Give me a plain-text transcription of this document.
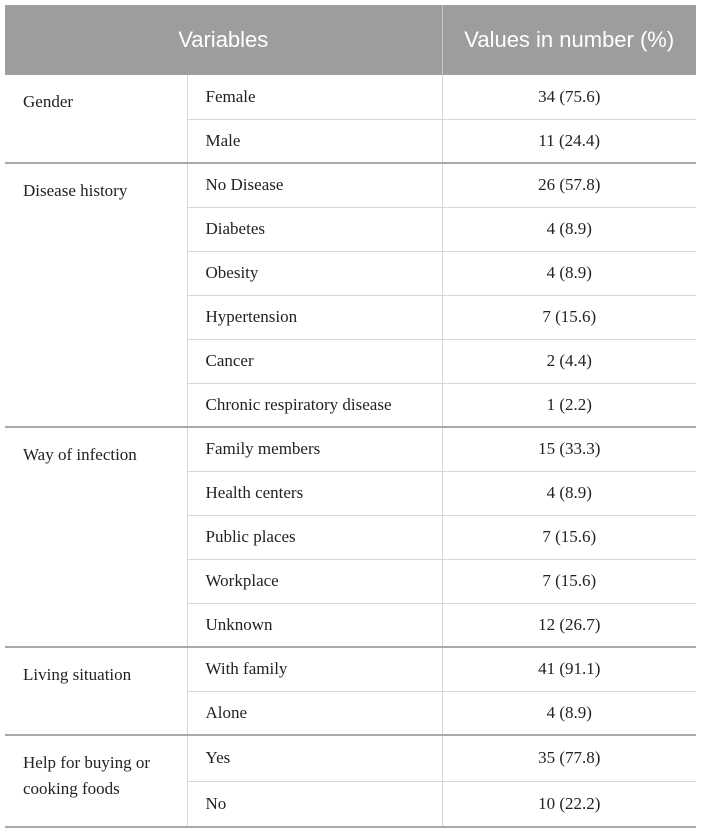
Variables		Values in number (%)
Gender	Female	34 (75.6)
	Male	11 (24.4)
Disease history	No Disease	26 (57.8)
	Diabetes	4 (8.9)
	Obesity	4 (8.9)
	Hypertension	7 (15.6)
	Cancer	2 (4.4)
	Chronic respiratory disease	1 (2.2)
Way of infection	Family members	15 (33.3)
	Health centers	4 (8.9)
	Public places	7 (15.6)
	Workplace	7 (15.6)
	Unknown	12 (26.7)
Living situation	With family	41 (91.1)
	Alone	4 (8.9)
Help for buying or cooking foods	Yes	35 (77.8)
	No	10 (22.2)
